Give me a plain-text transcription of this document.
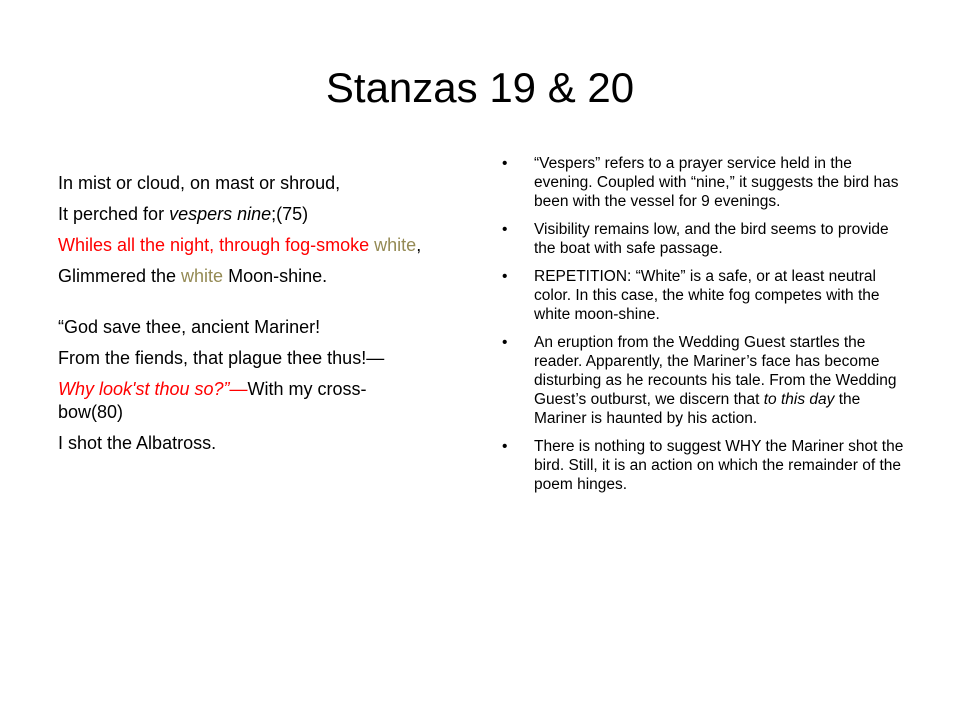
Stanzas 19 & 20
In mist or cloud, on mast or shroud,
It perched for vespers nine;(75)
Whiles all the night, through fog-smoke white,
Glimmered the white Moon-shine.
“God save thee, ancient Mariner!
From the fiends, that plague thee thus!—
Why look'st thou so?”—With my cross-bow(80)
I shot the Albatross.
• “Vespers” refers to a prayer service held in the evening. Coupled with “nine,” it suggests the bird has been with the vessel for 9 evenings.
• Visibility remains low, and the bird seems to provide the boat with safe passage.
• REPETITION: “White” is a safe, or at least neutral color. In this case, the white fog competes with the white moon-shine.
• An eruption from the Wedding Guest startles the reader. Apparently, the Mariner’s face has become disturbing as he recounts his tale. From the Wedding Guest’s outburst, we discern that to this day the Mariner is haunted by his action.
• There is nothing to suggest WHY the Mariner shot the bird. Still, it is an action on which the remainder of the poem hinges.
